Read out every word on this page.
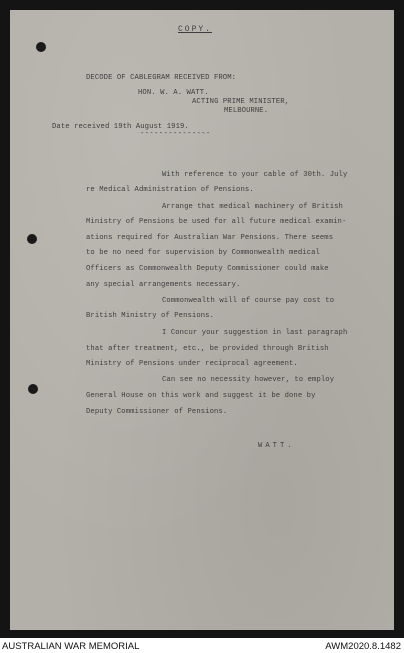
COPY.
DECODE OF CABLEGRAM RECEIVED FROM:
HON. W. A. WATT.
ACTING PRIME MINISTER,
MELBOURNE.
Date received 19th August 1919.
---------------
With reference to your cable of 30th. July
re Medical Administration of Pensions.
Arrange that medical machinery of British
Ministry of Pensions be used for all future medical examin-
ations required for Australian War Pensions. There seems
to be no need for supervision by Commonwealth medical
Officers as Commonwealth Deputy Commissioner could make
any special arrangements necessary.
Commonwealth will of course pay cost to
British Ministry of Pensions.
I Concur your suggestion in last paragraph
that after treatment, etc., be provided through British
Ministry of Pensions under reciprocal agreement.
Can see no necessity however, to employ
General House on this work and suggest it be done by
Deputy Commissioner of Pensions.
WATT.
AUSTRALIAN WAR MEMORIAL	AWM2020.8.1482
